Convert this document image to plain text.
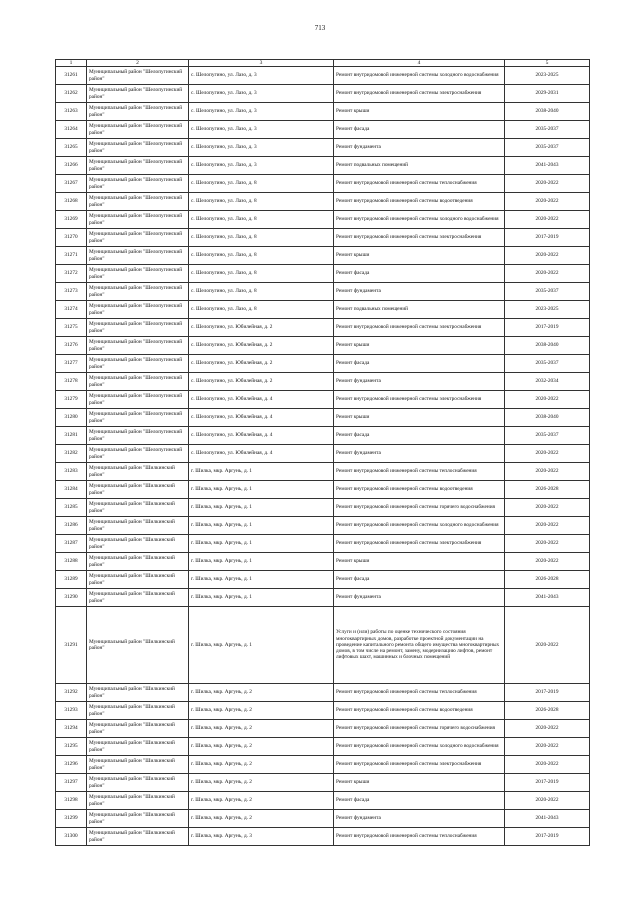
713
1	2	3	4	5
31261	Муниципальный район "Шелопугинский район"	с. Шелопугино, ул. Лазо, д. 3	Ремонт внутридомовой инженерной системы холодного водоснабжения	2023-2025
31262	Муниципальный район "Шелопугинский район"	с. Шелопугино, ул. Лазо, д. 3	Ремонт внутридомовой инженерной системы электроснабжения	2029-2031
31263	Муниципальный район "Шелопугинский район"	с. Шелопугино, ул. Лазо, д. 3	Ремонт крыши	2038-2040
31264	Муниципальный район "Шелопугинский район"	с. Шелопугино, ул. Лазо, д. 3	Ремонт фасада	2035-2037
31265	Муниципальный район "Шелопугинский район"	с. Шелопугино, ул. Лазо, д. 3	Ремонт фундамента	2035-2037
31266	Муниципальный район "Шелопугинский район"	с. Шелопугино, ул. Лазо, д. 3	Ремонт подвальных помещений	2041-2043
31267	Муниципальный район "Шелопугинский район"	с. Шелопугино, ул. Лазо, д. 8	Ремонт внутридомовой инженерной системы теплоснабжения	2020-2022
31268	Муниципальный район "Шелопугинский район"	с. Шелопугино, ул. Лазо, д. 8	Ремонт внутридомовой инженерной системы водоотведения	2020-2022
31269	Муниципальный район "Шелопугинский район"	с. Шелопугино, ул. Лазо, д. 8	Ремонт внутридомовой инженерной системы холодного водоснабжения	2020-2022
31270	Муниципальный район "Шелопугинский район"	с. Шелопугино, ул. Лазо, д. 8	Ремонт внутридомовой инженерной системы электроснабжения	2017-2019
31271	Муниципальный район "Шелопугинский район"	с. Шелопугино, ул. Лазо, д. 8	Ремонт крыши	2020-2022
31272	Муниципальный район "Шелопугинский район"	с. Шелопугино, ул. Лазо, д. 8	Ремонт фасада	2020-2022
31273	Муниципальный район "Шелопугинский район"	с. Шелопугино, ул. Лазо, д. 8	Ремонт фундамента	2035-2037
31274	Муниципальный район "Шелопугинский район"	с. Шелопугино, ул. Лазо, д. 8	Ремонт подвальных помещений	2023-2025
31275	Муниципальный район "Шелопугинский район"	с. Шелопугино, ул. Юбилейная, д. 2	Ремонт внутридомовой инженерной системы электроснабжения	2017-2019
31276	Муниципальный район "Шелопугинский район"	с. Шелопугино, ул. Юбилейная, д. 2	Ремонт крыши	2038-2040
31277	Муниципальный район "Шелопугинский район"	с. Шелопугино, ул. Юбилейная, д. 2	Ремонт фасада	2035-2037
31278	Муниципальный район "Шелопугинский район"	с. Шелопугино, ул. Юбилейная, д. 2	Ремонт фундамента	2032-2034
31279	Муниципальный район "Шелопугинский район"	с. Шелопугино, ул. Юбилейная, д. 4	Ремонт внутридомовой инженерной системы электроснабжения	2020-2022
31280	Муниципальный район "Шелопугинский район"	с. Шелопугино, ул. Юбилейная, д. 4	Ремонт крыши	2038-2040
31281	Муниципальный район "Шелопугинский район"	с. Шелопугино, ул. Юбилейная, д. 4	Ремонт фасада	2035-2037
31282	Муниципальный район "Шелопугинский район"	с. Шелопугино, ул. Юбилейная, д. 4	Ремонт фундамента	2020-2022
31283	Муниципальный район "Шилкинский район"	г. Шилка, мкр. Аргунь, д. 1	Ремонт внутридомовой инженерной системы теплоснабжения	2020-2022
31284	Муниципальный район "Шилкинский район"	г. Шилка, мкр. Аргунь, д. 1	Ремонт внутридомовой инженерной системы водоотведения	2026-2028
31285	Муниципальный район "Шилкинский район"	г. Шилка, мкр. Аргунь, д. 1	Ремонт внутридомовой инженерной системы горячего водоснабжения	2020-2022
31286	Муниципальный район "Шилкинский район"	г. Шилка, мкр. Аргунь, д. 1	Ремонт внутридомовой инженерной системы холодного водоснабжения	2020-2022
31287	Муниципальный район "Шилкинский район"	г. Шилка, мкр. Аргунь, д. 1	Ремонт внутридомовой инженерной системы электроснабжения	2020-2022
31288	Муниципальный район "Шилкинский район"	г. Шилка, мкр. Аргунь, д. 1	Ремонт крыши	2020-2022
31289	Муниципальный район "Шилкинский район"	г. Шилка, мкр. Аргунь, д. 1	Ремонт фасада	2026-2028
31290	Муниципальный район "Шилкинский район"	г. Шилка, мкр. Аргунь, д. 1	Ремонт фундамента	2041-2043
31291	Муниципальный район "Шилкинский район"	г. Шилка, мкр. Аргунь, д. 1	Услуги и (или) работы по оценке технического состояния многоквартирных домов, разработке проектной документации на проведение капитального ремонта общего имущества многоквартирных домов, в том числе на ремонт, замену, модернизацию лифтов, ремонт лифтовых шахт, машинных и блочных помещений	2020-2022
31292	Муниципальный район "Шилкинский район"	г. Шилка, мкр. Аргунь, д. 2	Ремонт внутридомовой инженерной системы теплоснабжения	2017-2019
31293	Муниципальный район "Шилкинский район"	г. Шилка, мкр. Аргунь, д. 2	Ремонт внутридомовой инженерной системы водоотведения	2026-2028
31294	Муниципальный район "Шилкинский район"	г. Шилка, мкр. Аргунь, д. 2	Ремонт внутридомовой инженерной системы горячего водоснабжения	2020-2022
31295	Муниципальный район "Шилкинский район"	г. Шилка, мкр. Аргунь, д. 2	Ремонт внутридомовой инженерной системы холодного водоснабжения	2020-2022
31296	Муниципальный район "Шилкинский район"	г. Шилка, мкр. Аргунь, д. 2	Ремонт внутридомовой инженерной системы электроснабжения	2020-2022
31297	Муниципальный район "Шилкинский район"	г. Шилка, мкр. Аргунь, д. 2	Ремонт крыши	2017-2019
31298	Муниципальный район "Шилкинский район"	г. Шилка, мкр. Аргунь, д. 2	Ремонт фасада	2020-2022
31299	Муниципальный район "Шилкинский район"	г. Шилка, мкр. Аргунь, д. 2	Ремонт фундамента	2041-2043
31300	Муниципальный район "Шилкинский район"	г. Шилка, мкр. Аргунь, д. 3	Ремонт внутридомовой инженерной системы теплоснабжения	2017-2019
